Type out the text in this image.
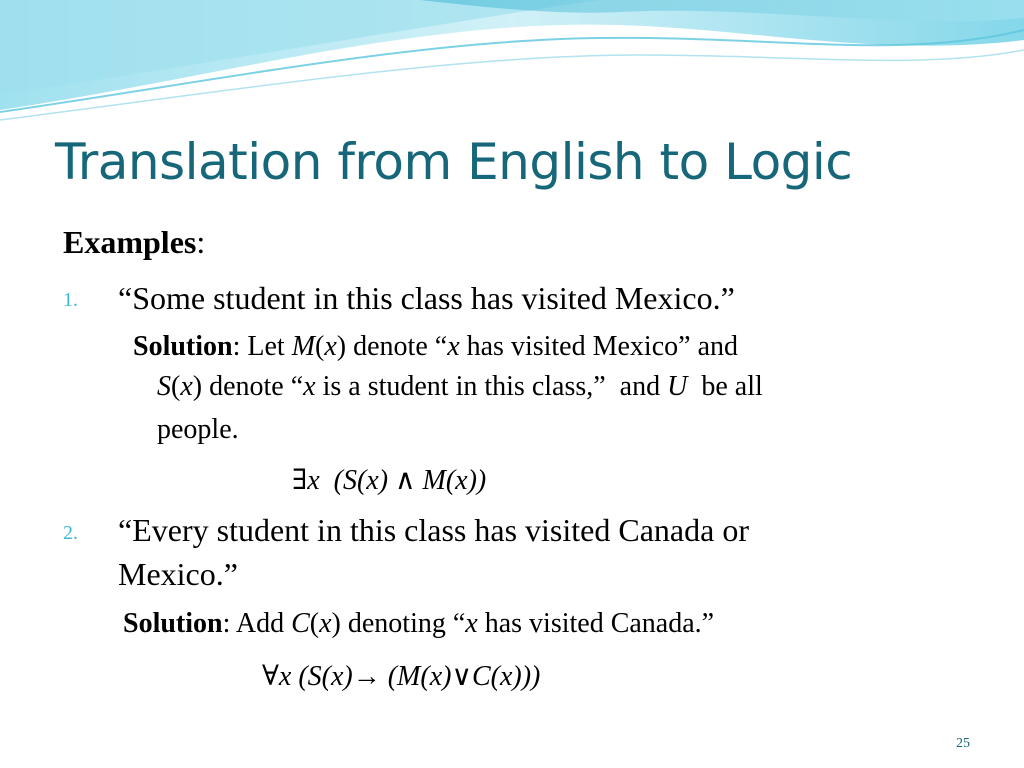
Translation from English to Logic
Examples:
1. “Some student in this class has visited Mexico.”
Solution: Let M(x) denote “x has visited Mexico” and
S(x) denote “x is a student in this class,”  and U  be all
people.
∃x  (S(x) ∧ M(x))
2. “Every student in this class has visited Canada or
Mexico.”
Solution: Add C(x) denoting “x has visited Canada.”
∀x (S(x)→ (M(x)∨C(x)))
25
